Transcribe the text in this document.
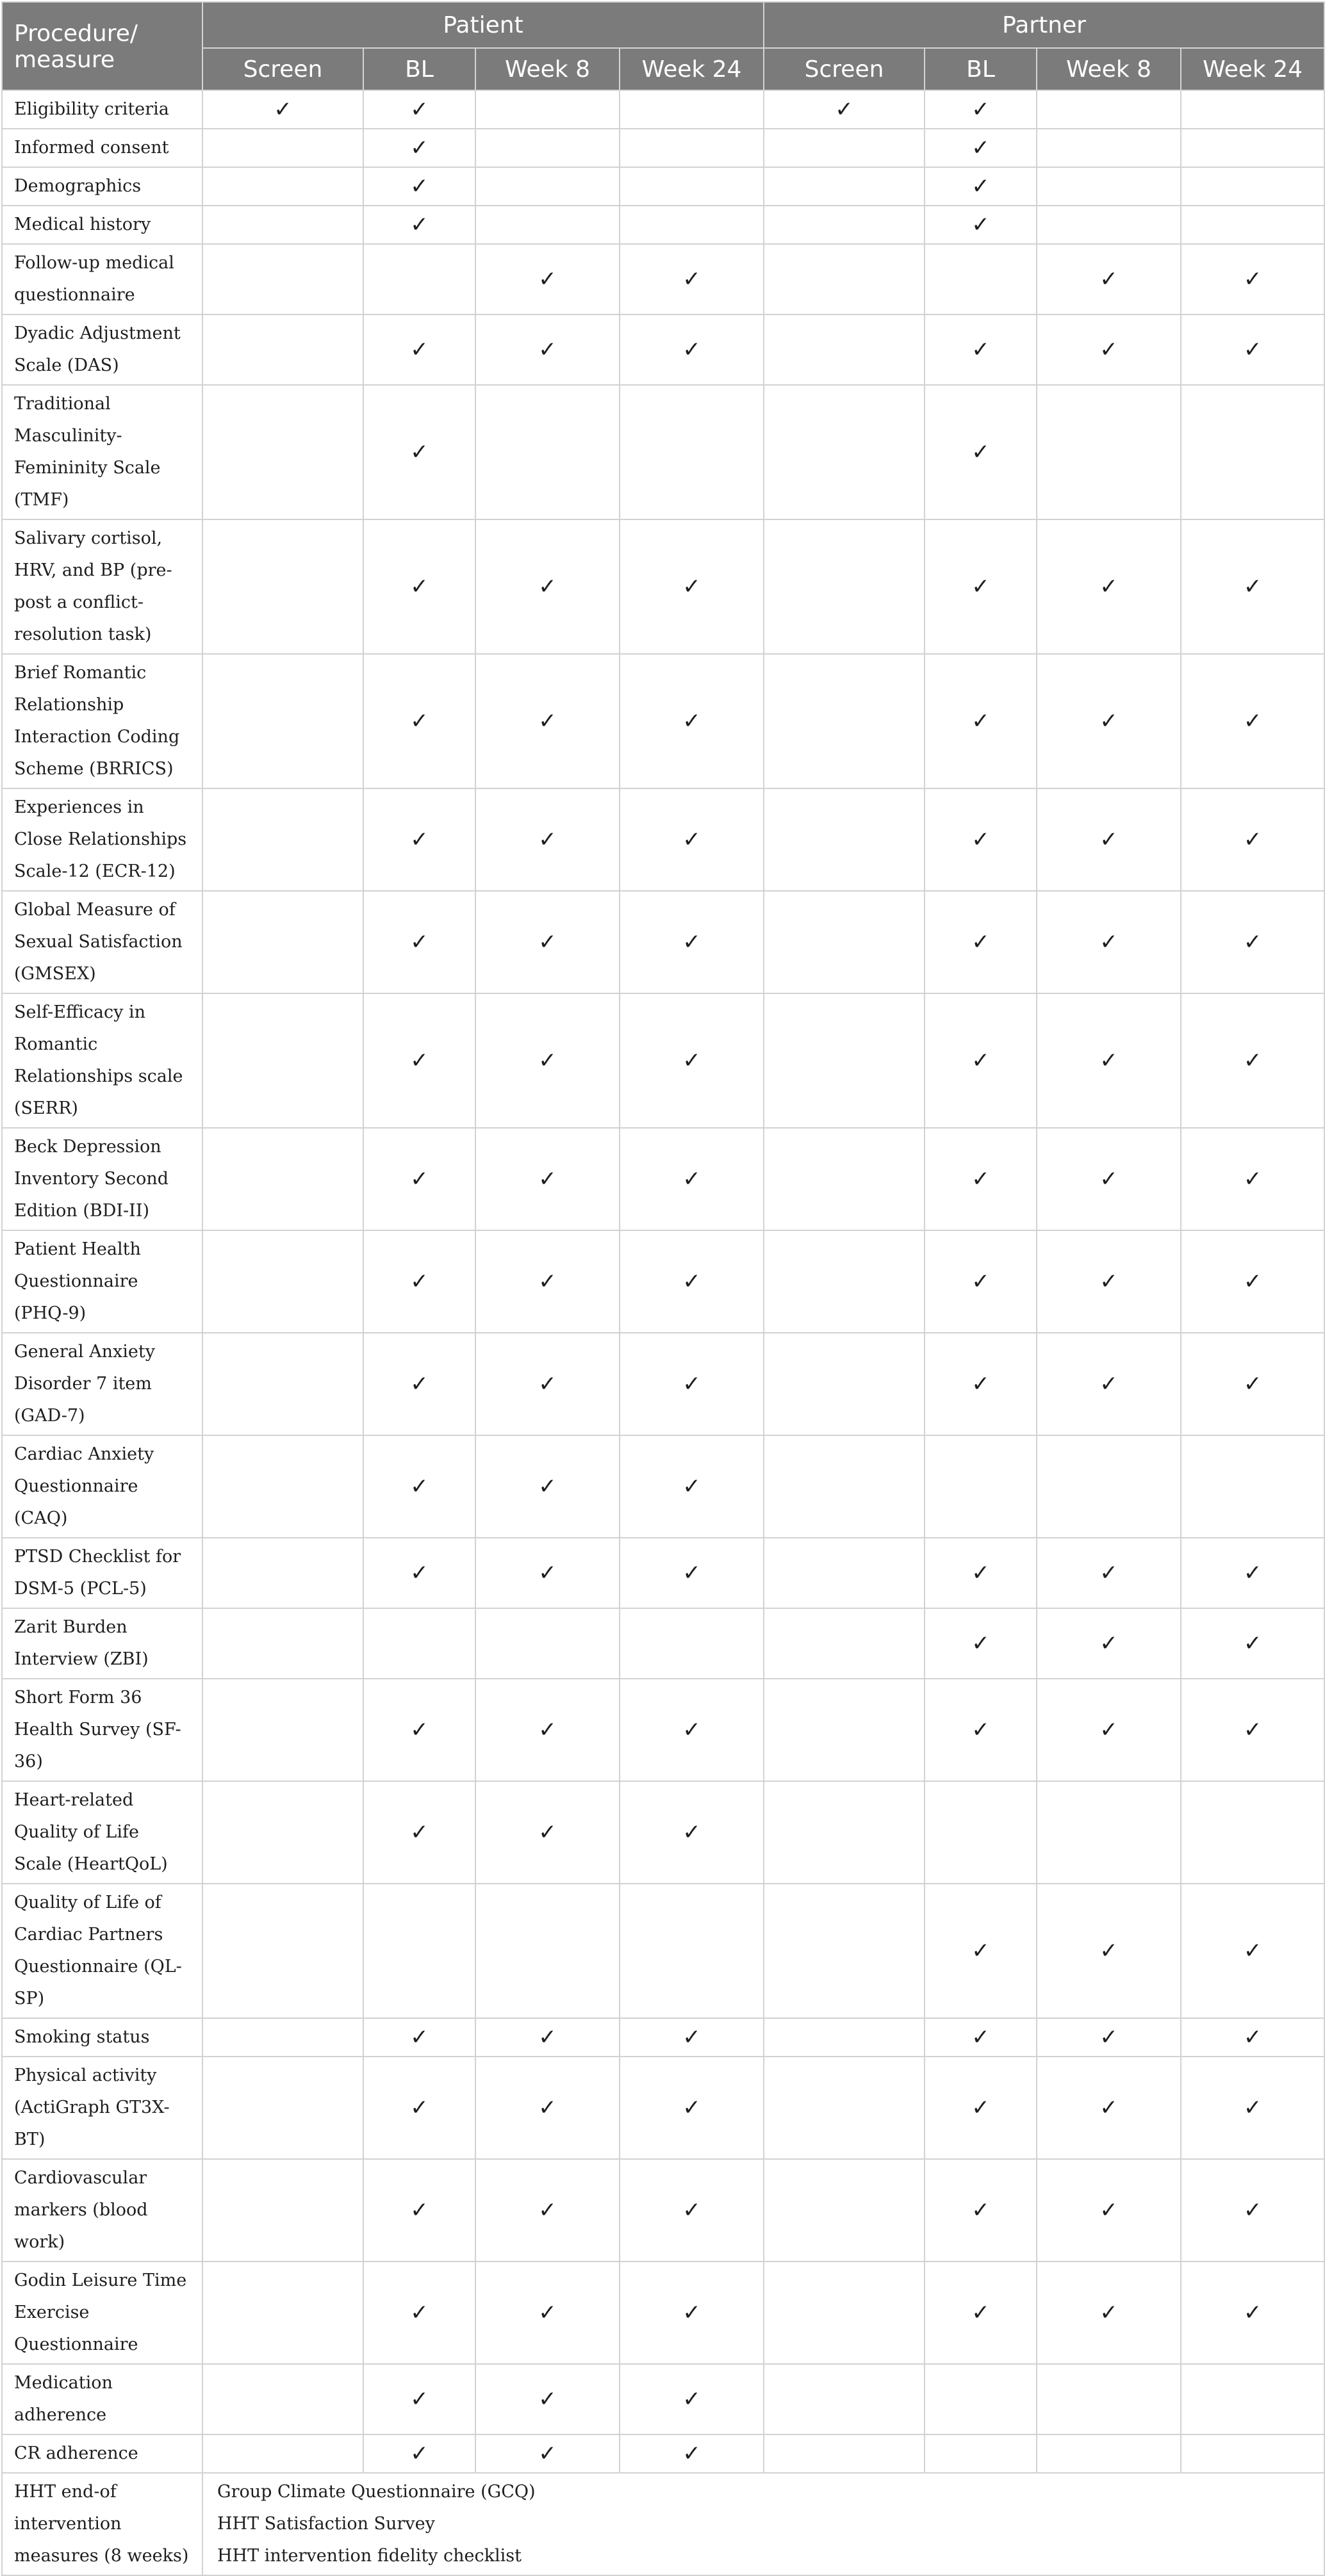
Procedure/ measure	Patient				Partner			
	Screen	BL	Week 8	Week 24	Screen	BL	Week 8	Week 24
Eligibility criteria	✓	✓			✓	✓		
Informed consent		✓				✓		
Demographics		✓				✓		
Medical history		✓				✓		
Follow-up medical questionnaire			✓	✓			✓	✓
Dyadic Adjustment Scale (DAS)		✓	✓	✓		✓	✓	✓
Traditional Masculinity-Femininity Scale (TMF)		✓				✓		
Salivary cortisol, HRV, and BP (pre-post a conflict-resolution task)		✓	✓	✓		✓	✓	✓
Brief Romantic Relationship Interaction Coding Scheme (BRRICS)		✓	✓	✓		✓	✓	✓
Experiences in Close Relationships Scale-12 (ECR-12)		✓	✓	✓		✓	✓	✓
Global Measure of Sexual Satisfaction (GMSEX)		✓	✓	✓		✓	✓	✓
Self-Efficacy in Romantic Relationships scale (SERR)		✓	✓	✓		✓	✓	✓
Beck Depression Inventory Second Edition (BDI-II)		✓	✓	✓		✓	✓	✓
Patient Health Questionnaire (PHQ-9)		✓	✓	✓		✓	✓	✓
General Anxiety Disorder 7 item (GAD-7)		✓	✓	✓		✓	✓	✓
Cardiac Anxiety Questionnaire (CAQ)		✓	✓	✓				
PTSD Checklist for DSM-5 (PCL-5)		✓	✓	✓		✓	✓	✓
Zarit Burden Interview (ZBI)						✓	✓	✓
Short Form 36 Health Survey (SF-36)		✓	✓	✓		✓	✓	✓
Heart-related Quality of Life Scale (HeartQoL)		✓	✓	✓				
Quality of Life of Cardiac Partners Questionnaire (QL-SP)						✓	✓	✓
Smoking status		✓	✓	✓		✓	✓	✓
Physical activity (ActiGraph GT3X-BT)		✓	✓	✓		✓	✓	✓
Cardiovascular markers (blood work)		✓	✓	✓		✓	✓	✓
Godin Leisure Time Exercise Questionnaire		✓	✓	✓		✓	✓	✓
Medication adherence		✓	✓	✓				
CR adherence		✓	✓	✓				
HHT end-of intervention measures (8 weeks)	Group Climate Questionnaire (GCQ)
HHT Satisfaction Survey
HHT intervention fidelity checklist							
